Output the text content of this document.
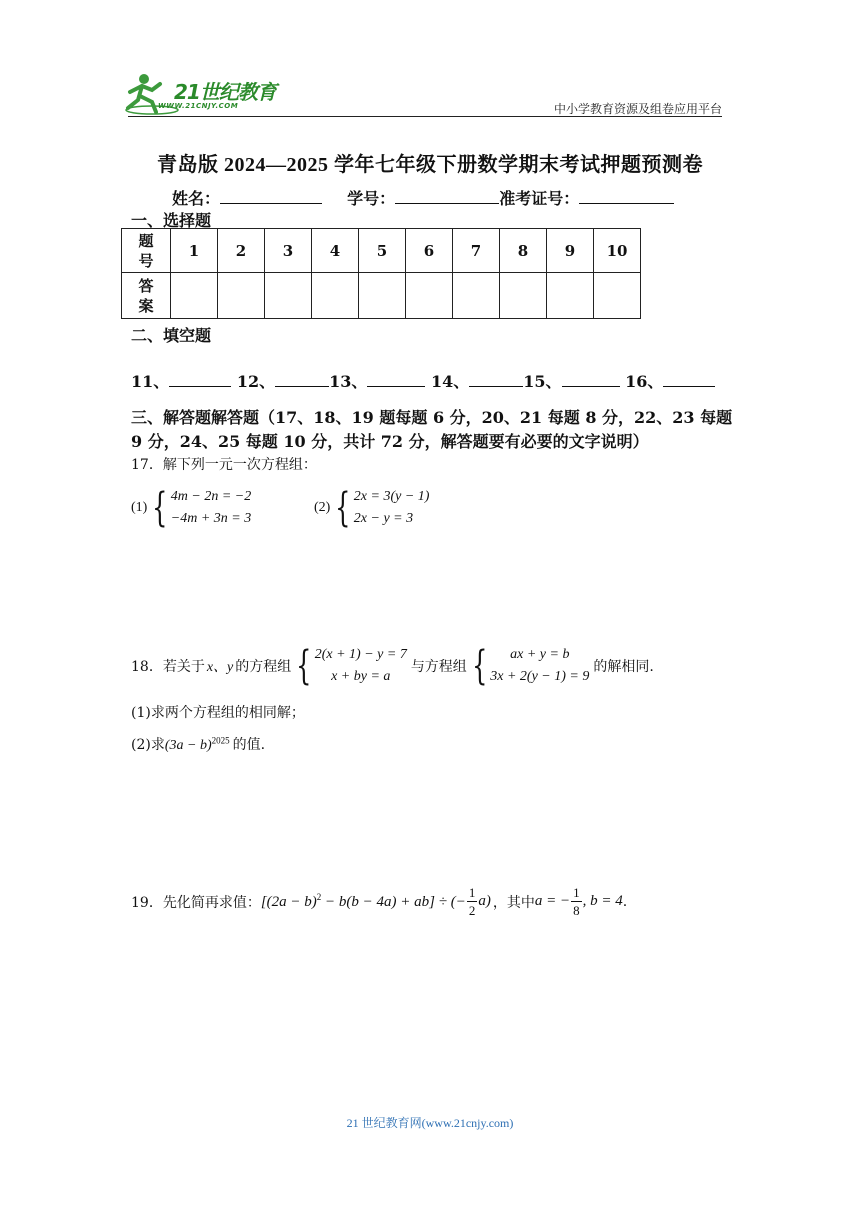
21世纪教育
WWW.21CNJY.COM	中小学教育资源及组卷应用平台
青岛版 2024—2025 学年七年级下册数学期末考试押题预测卷
姓名：	学号：	准考证号：
一、选择题
题
号	1	2	3	4	5	6	7	8	9	10

答
案										

二、填空题
11、	12、	13、	14、	15、	16、
三、解答题解答题（17、18、19 题每题 6 分，20、21 每题 8 分，22、23 每题 9 分，24、25 每题 10 分，共计 72 分，解答题要有必要的文字说明）
17．解下列一元一次方程组：
(1) { 4m − 2n = −2
−4m + 3n = 3
(2) { 2x = 3(y − 1)
2x − y = 3
18．若关于 x、y 的方程组 { 2(x + 1) − y = 7
x + by = a
与方程组 {	ax + y = b
3x + 2(y − 1) = 9
的解相同.
(1)求两个方程组的相同解；
(2)求$(3a - b)^{2025}$ 的值.
19．先化简再求值： $[(2a - b)^2 - b(b - 4a) + ab]$ ÷ (− $\frac{1}{2} a$) ，其中 a = − $\frac{1}{8}$ , b = 4 .
21 世纪教育网(www.21cnjy.com)
